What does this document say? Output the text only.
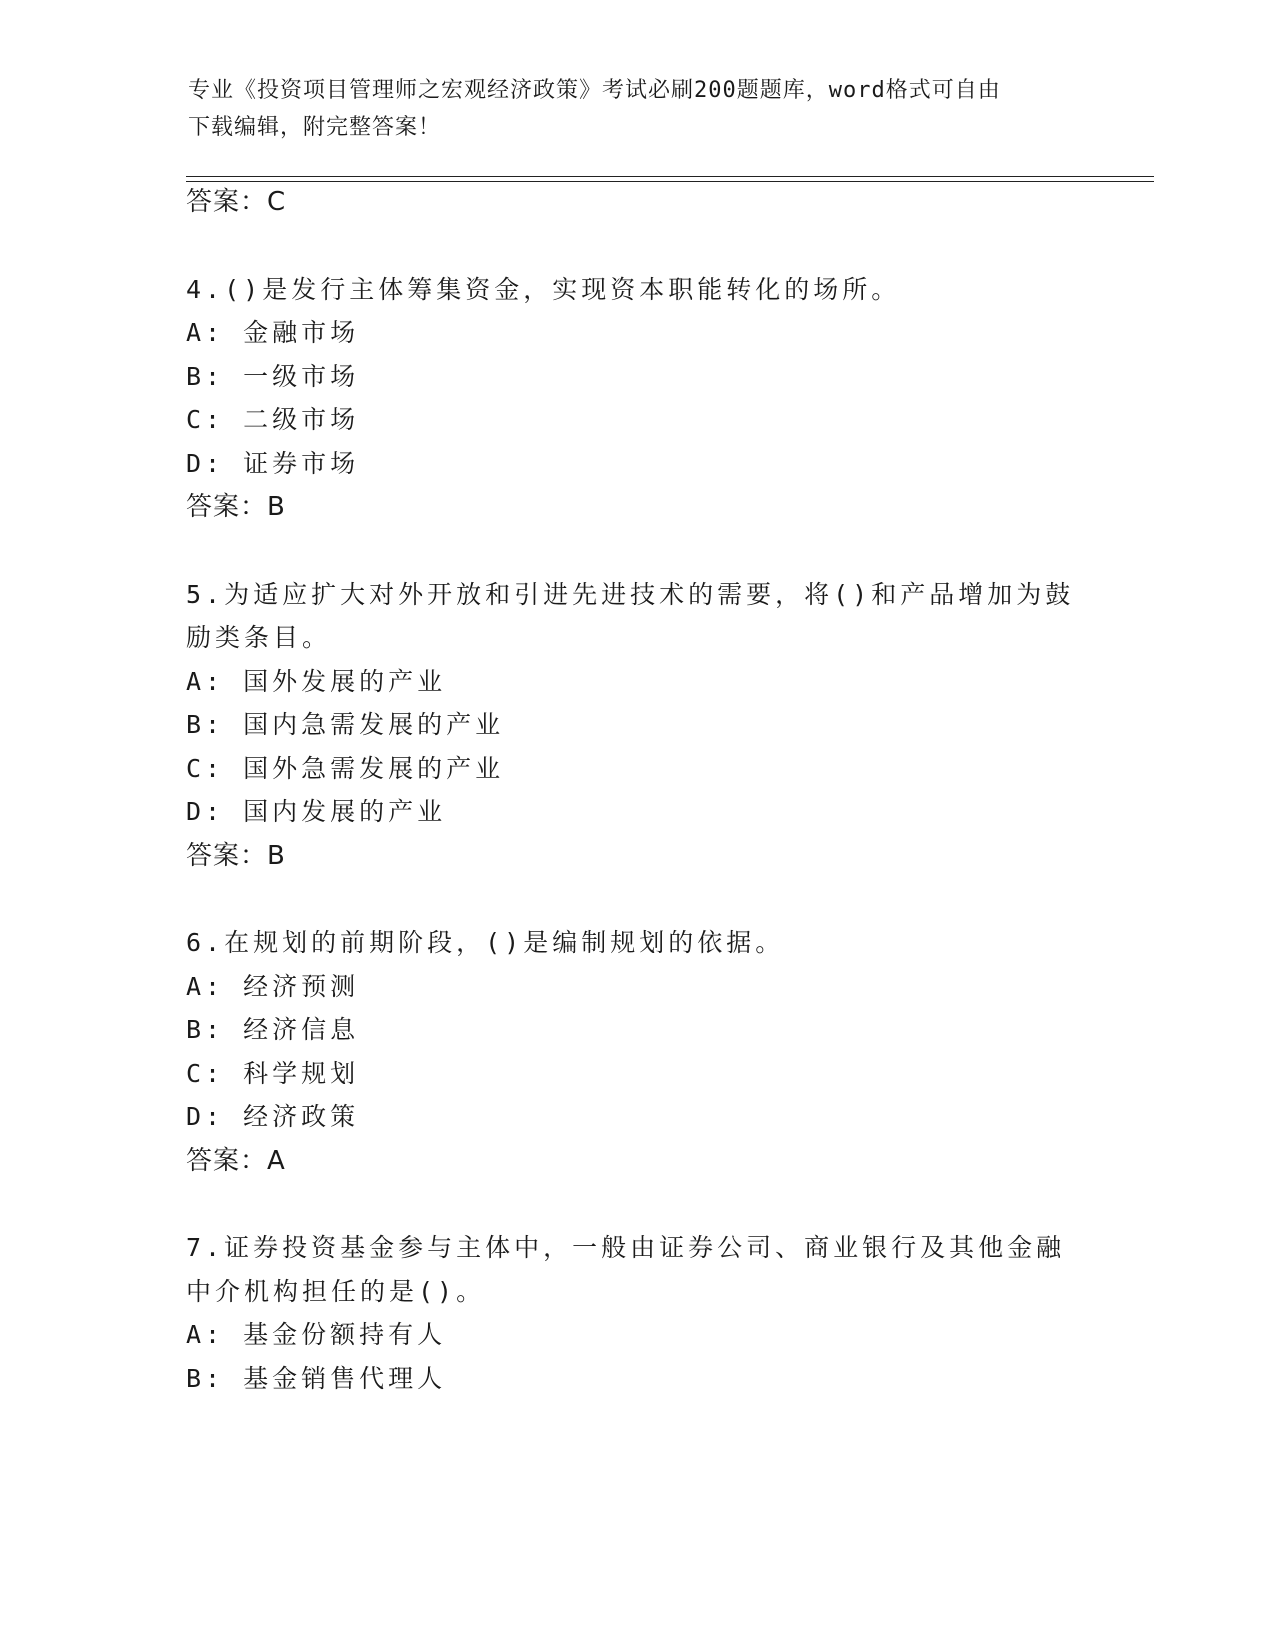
专业《投资项目管理师之宏观经济政策》考试必刷200题题库，word格式可自由
下载编辑，附完整答案！
答案：C
4.()是发行主体筹集资金，实现资本职能转化的场所。
A: 金融市场
B: 一级市场
C: 二级市场
D: 证券市场
答案：B
5.为适应扩大对外开放和引进先进技术的需要，将()和产品增加为鼓
励类条目。
A: 国外发展的产业
B: 国内急需发展的产业
C: 国外急需发展的产业
D: 国内发展的产业
答案：B
6.在规划的前期阶段，()是编制规划的依据。
A: 经济预测
B: 经济信息
C: 科学规划
D: 经济政策
答案：A
7.证券投资基金参与主体中，一般由证券公司、商业银行及其他金融
中介机构担任的是()。
A: 基金份额持有人
B: 基金销售代理人
